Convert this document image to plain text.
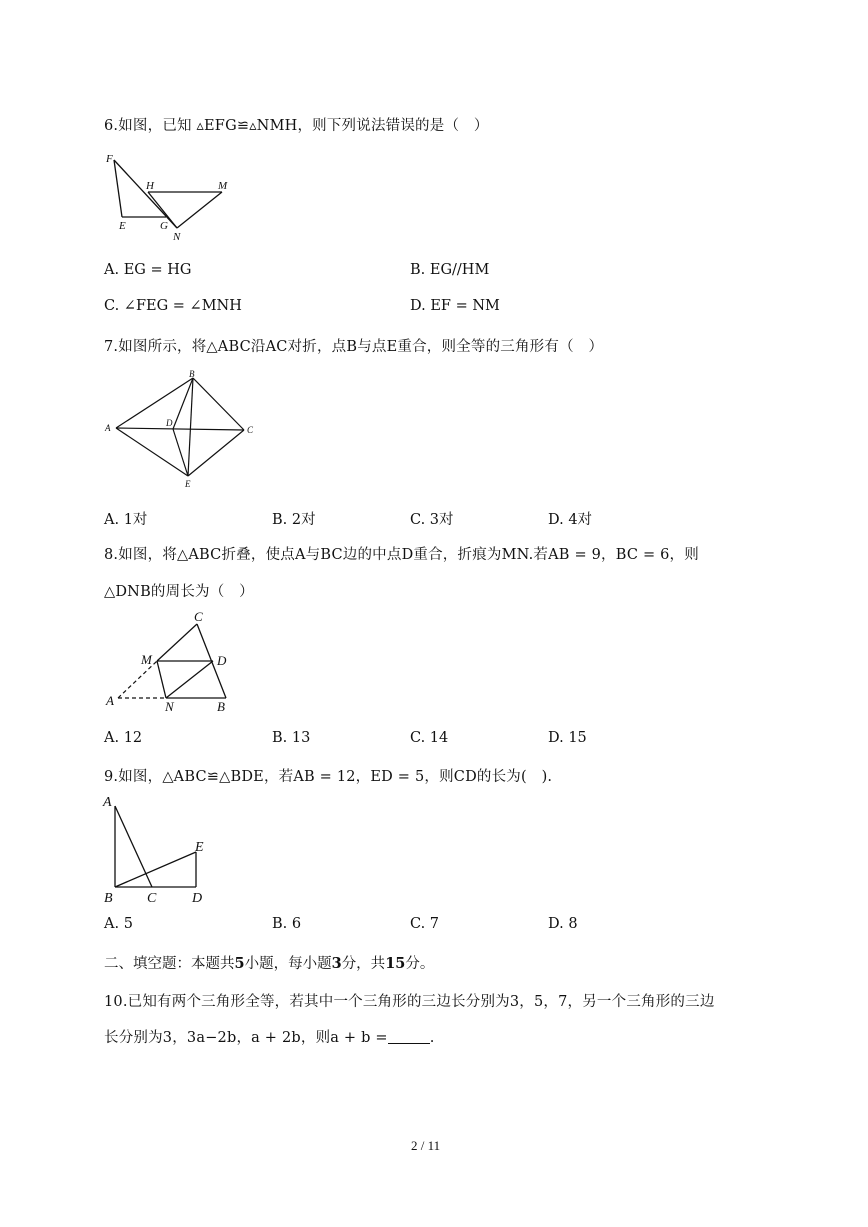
6.如图，已知 ▵EFG≌▵NMH，则下列说法错误的是（　）
F
H	M
E	G
N
A. EG = HG	B. EG//HM
C. ∠FEG = ∠MNH	D. EF = NM
7.如图所示，将△ABC沿AC对折，点B与点E重合，则全等的三角形有（　）
B
A	D
C
E
A. 1对	B. 2对	C. 3对	D. 4对
8.如图，将△ABC折叠，使点A与BC边的中点D重合，折痕为MN.若AB = 9，BC = 6，则
△DNB的周长为（　）
C
M	D
A	N	B
A. 12	B. 13	C. 14	D. 15
9.如图，△ABC≌△BDE，若AB = 12，ED = 5，则CD的长为(　).
A
E
B C	D
A. 5	B. 6	C. 7	D. 8
二、填空题：本题共5小题，每小题3分，共15分。
10.已知有两个三角形全等，若其中一个三角形的三边长分别为3，5，7，另一个三角形的三边
长分别为3，3a−2b，a + 2b，则a + b =	.
2 / 11
